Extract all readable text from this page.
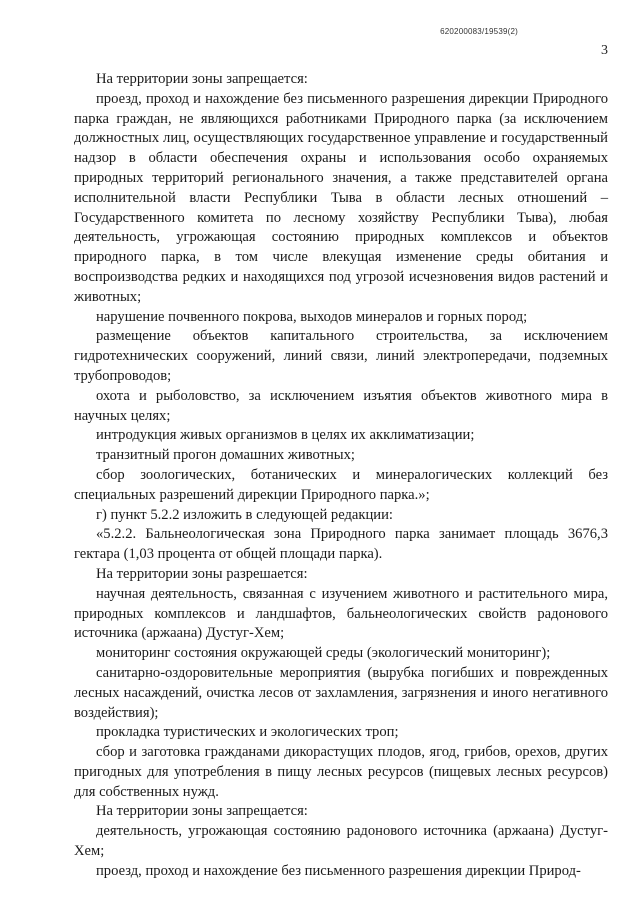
620200083/19539(2)
3

На территории зоны запрещается:

проезд, проход и нахождение без письменного разрешения дирекции Природного парка граждан, не являющихся работниками Природного парка (за исключением должностных лиц, осуществляющих государственное управление и государственный надзор в области обеспечения охраны и использования особо охраняемых природных территорий регионального значения, а также представителей органа исполнительной власти Республики Тыва в области лесных отношений – Государственного комитета по лесному хозяйству Республики Тыва), любая деятельность, угрожающая состоянию природных комплексов и объектов природного парка, в том числе влекущая изменение среды обитания и воспроизводства редких и находящихся под угрозой исчезновения видов растений и животных;

нарушение почвенного покрова, выходов минералов и горных пород;

размещение объектов капитального строительства, за исключением гидротехнических сооружений, линий связи, линий электропередачи, подземных трубопроводов;

охота и рыболовство, за исключением изъятия объектов животного мира в научных целях;

интродукция живых организмов в целях их акклиматизации;

транзитный прогон домашних животных;

сбор зоологических, ботанических и минералогических коллекций без специальных разрешений дирекции Природного парка.»;

г) пункт 5.2.2 изложить в следующей редакции:

«5.2.2. Бальнеологическая зона Природного парка занимает площадь 3676,3 гектара (1,03 процента от общей площади парка).

На территории зоны разрешается:

научная деятельность, связанная с изучением животного и растительного мира, природных комплексов и ландшафтов, бальнеологических свойств радонового источника (аржаана) Дустуг-Хем;

мониторинг состояния окружающей среды (экологический мониторинг);

санитарно-оздоровительные мероприятия (вырубка погибших и поврежденных лесных насаждений, очистка лесов от захламления, загрязнения и иного негативного воздействия);

прокладка туристических и экологических троп;

сбор и заготовка гражданами дикорастущих плодов, ягод, грибов, орехов, других пригодных для употребления в пищу лесных ресурсов (пищевых лесных ресурсов) для собственных нужд.

На территории зоны запрещается:

деятельность, угрожающая состоянию радонового источника (аржаана) Дустуг-Хем;

проезд, проход и нахождение без письменного разрешения дирекции Природ-
